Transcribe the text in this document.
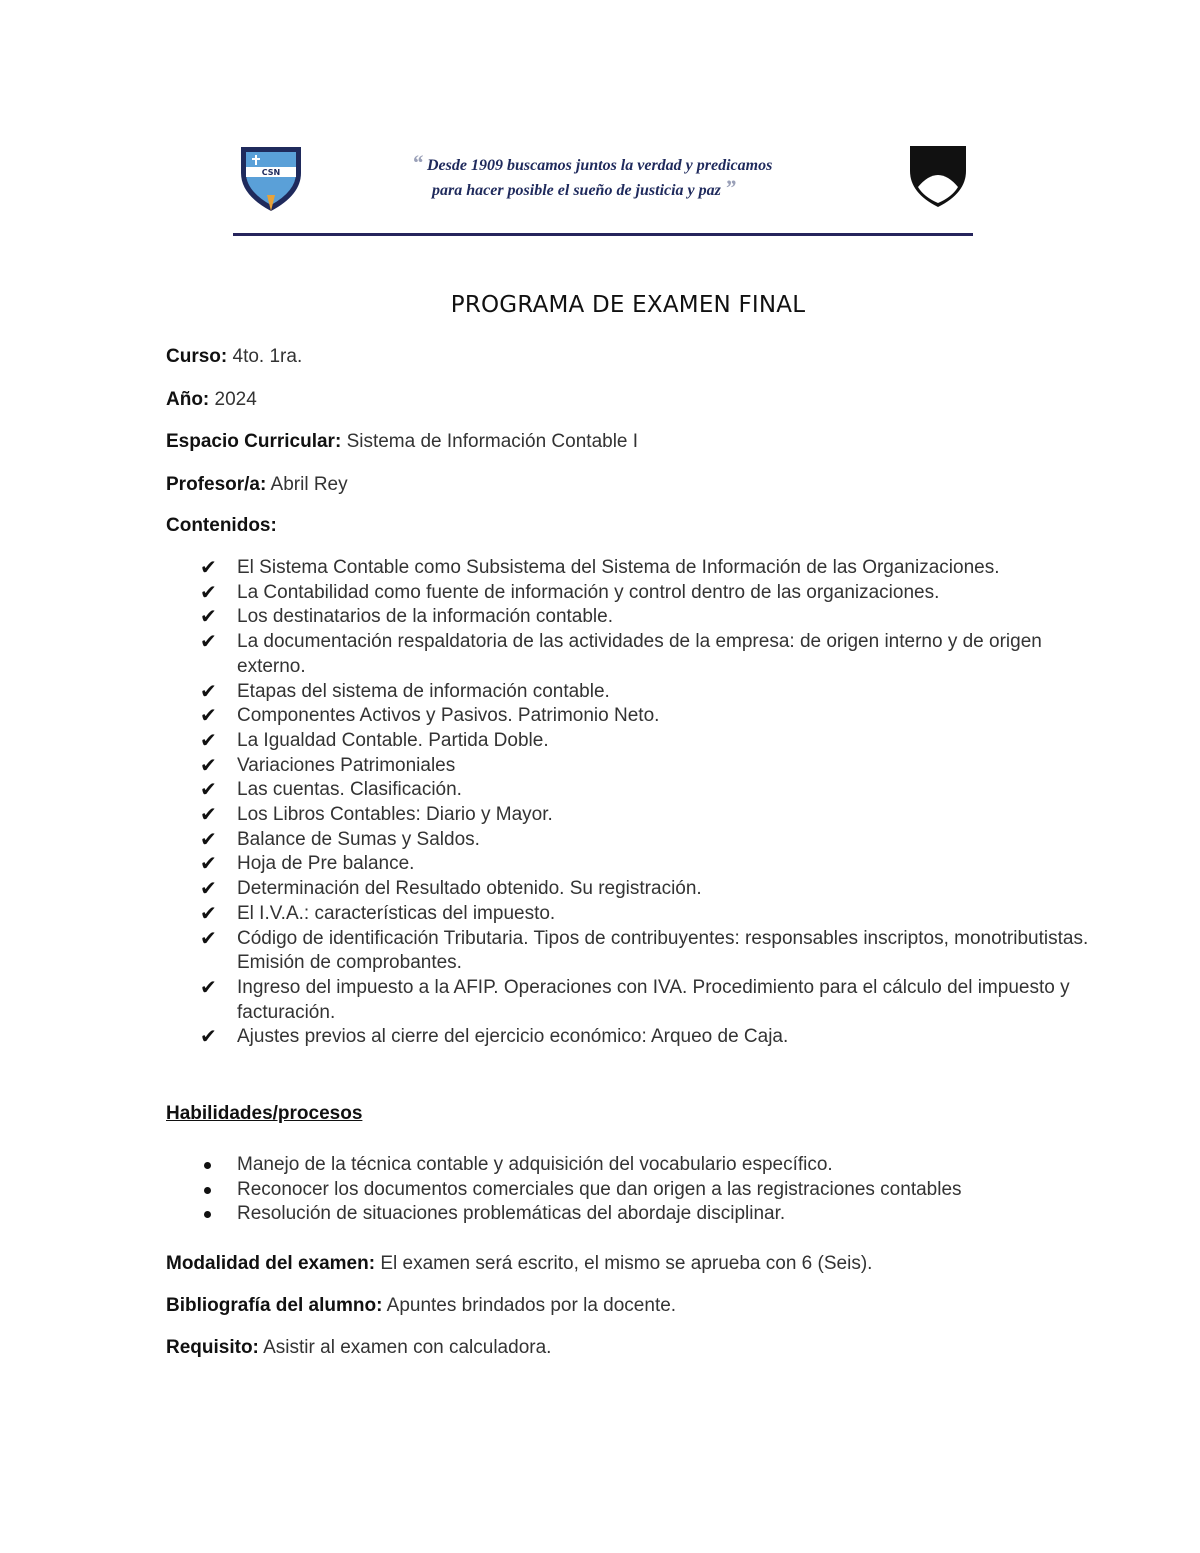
CSN	“ Desde 1909 buscamos juntos la verdad y predicamos
para hacer posible el sueño de justicia y paz ”
PROGRAMA DE EXAMEN FINAL
Curso: 4to. 1ra.
Año: 2024
Espacio Curricular: Sistema de Información Contable I
Profesor/a: Abril Rey
Contenidos:
✔ El Sistema Contable como Subsistema del Sistema de Información de las Organizaciones.
✔ La Contabilidad como fuente de información y control dentro de las organizaciones.
✔ Los destinatarios de la información contable.
✔ La documentación respaldatoria de las actividades de la empresa: de origen interno y de origen externo.
✔ Etapas del sistema de información contable.
✔ Componentes Activos y Pasivos. Patrimonio Neto.
✔ La Igualdad Contable. Partida Doble.
✔ Variaciones Patrimoniales
✔ Las cuentas. Clasificación.
✔ Los Libros Contables: Diario y Mayor.
✔ Balance de Sumas y Saldos.
✔ Hoja de Pre balance.
✔ Determinación del Resultado obtenido. Su registración.
✔ El I.V.A.: características del impuesto.
✔ Código de identificación Tributaria. Tipos de contribuyentes: responsables inscriptos, monotributistas. Emisión de comprobantes.
✔ Ingreso del impuesto a la AFIP. Operaciones con IVA. Procedimiento para el cálculo del impuesto y facturación.
✔ Ajustes previos al cierre del ejercicio económico: Arqueo de Caja.
Habilidades/procesos
Manejo de la técnica contable y adquisición del vocabulario específico.
Reconocer los documentos comerciales que dan origen a las registraciones contables
Resolución de situaciones problemáticas del abordaje disciplinar.
Modalidad del examen: El examen será escrito, el mismo se aprueba con 6 (Seis).
Bibliografía del alumno: Apuntes brindados por la docente.
Requisito: Asistir al examen con calculadora.
